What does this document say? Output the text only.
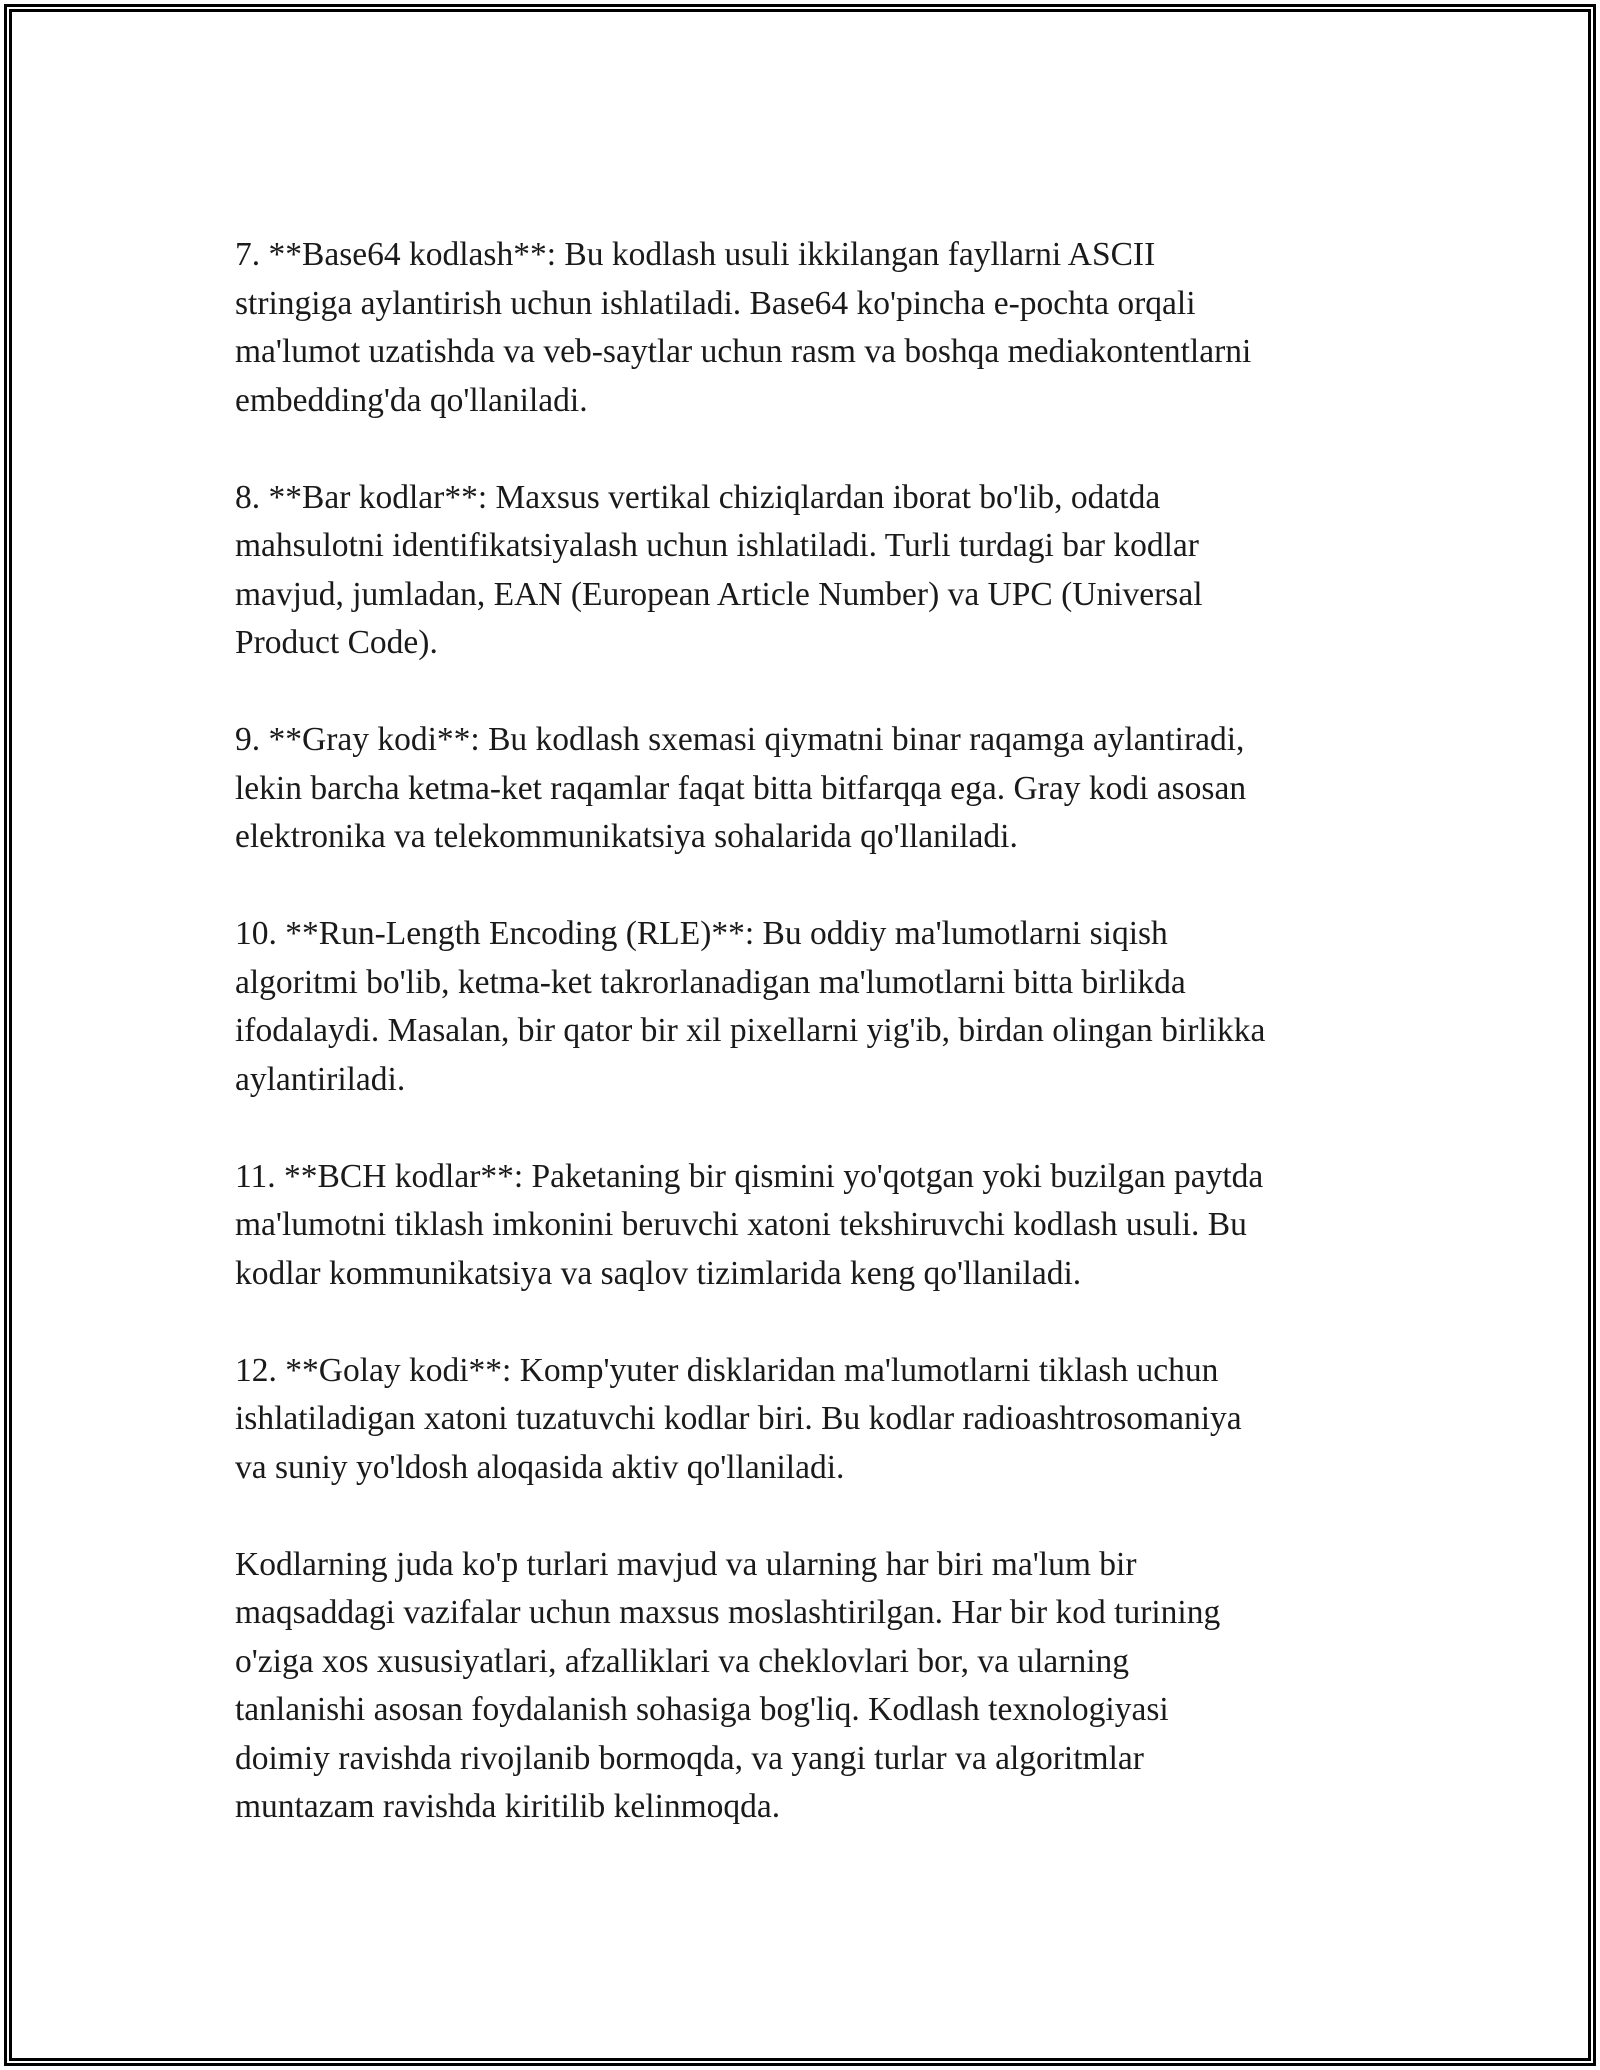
7. **Base64 kodlash**: Bu kodlash usuli ikkilangan fayllarni ASCII
stringiga aylantirish uchun ishlatiladi. Base64 ko'pincha e-pochta orqali
ma'lumot uzatishda va veb-saytlar uchun rasm va boshqa mediakontentlarni
embedding'da qo'llaniladi.

8. **Bar kodlar**: Maxsus vertikal chiziqlardan iborat bo'lib, odatda
mahsulotni identifikatsiyalash uchun ishlatiladi. Turli turdagi bar kodlar
mavjud, jumladan, EAN (European Article Number) va UPC (Universal
Product Code).

9. **Gray kodi**: Bu kodlash sxemasi qiymatni binar raqamga aylantiradi,
lekin barcha ketma-ket raqamlar faqat bitta bitfarqqa ega. Gray kodi asosan
elektronika va telekommunikatsiya sohalarida qo'llaniladi.

10. **Run-Length Encoding (RLE)**: Bu oddiy ma'lumotlarni siqish
algoritmi bo'lib, ketma-ket takrorlanadigan ma'lumotlarni bitta birlikda
ifodalaydi. Masalan, bir qator bir xil pixellarni yig'ib, birdan olingan birlikka
aylantiriladi.

11. **BCH kodlar**: Paketaning bir qismini yo'qotgan yoki buzilgan paytda
ma'lumotni tiklash imkonini beruvchi xatoni tekshiruvchi kodlash usuli. Bu
kodlar kommunikatsiya va saqlov tizimlarida keng qo'llaniladi.

12. **Golay kodi**: Komp'yuter disklaridan ma'lumotlarni tiklash uchun
ishlatiladigan xatoni tuzatuvchi kodlar biri. Bu kodlar radioashtrosomaniya
va suniy yo'ldosh aloqasida aktiv qo'llaniladi.

Kodlarning juda ko'p turlari mavjud va ularning har biri ma'lum bir
maqsaddagi vazifalar uchun maxsus moslashtirilgan. Har bir kod turining
o'ziga xos xususiyatlari, afzalliklari va cheklovlari bor, va ularning
tanlanishi asosan foydalanish sohasiga bog'liq. Kodlash texnologiyasi
doimiy ravishda rivojlanib bormoqda, va yangi turlar va algoritmlar
muntazam ravishda kiritilib kelinmoqda.
